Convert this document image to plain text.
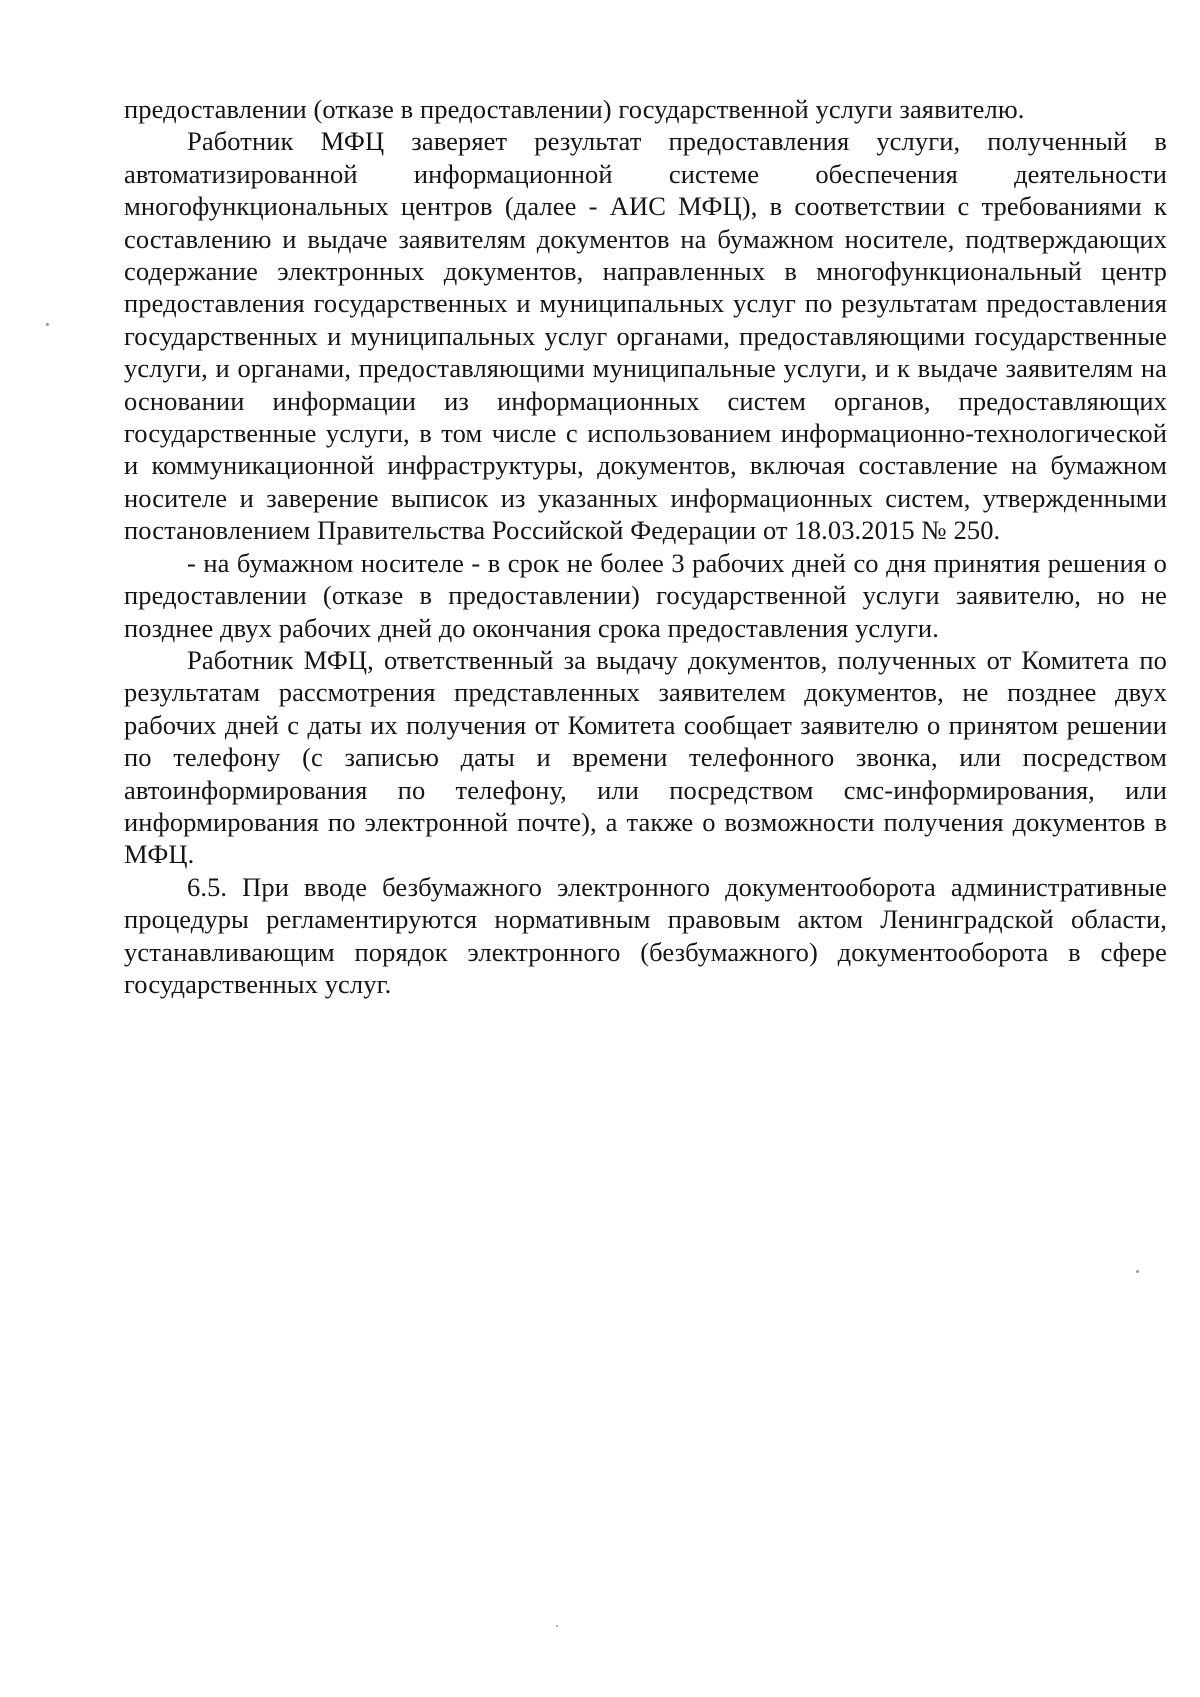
предоставлении (отказе в предоставлении) государственной услуги заявителю.

Работник МФЦ заверяет результат предоставления услуги, полученный в автоматизированной информационной системе обеспечения деятельности многофункциональных центров (далее - АИС МФЦ), в соответствии с требованиями к составлению и выдаче заявителям документов на бумажном носителе, подтверждающих содержание электронных документов, направленных в многофункциональный центр предоставления государственных и муниципальных услуг по результатам предоставления государственных и муниципальных услуг органами, предоставляющими государственные услуги, и органами, предоставляющими муниципальные услуги, и к выдаче заявителям на основании информации из информационных систем органов, предоставляющих государственные услуги, в том числе с использованием информационно-технологической и коммуникационной инфраструктуры, документов, включая составление на бумажном носителе и заверение выписок из указанных информационных систем, утвержденными постановлением Правительства Российской Федерации от 18.03.2015 № 250.

- на бумажном носителе - в срок не более 3 рабочих дней со дня принятия решения о предоставлении (отказе в предоставлении) государственной услуги заявителю, но не позднее двух рабочих дней до окончания срока предоставления услуги.

Работник МФЦ, ответственный за выдачу документов, полученных от Комитета по результатам рассмотрения представленных заявителем документов, не позднее двух рабочих дней с даты их получения от Комитета сообщает заявителю о принятом решении по телефону (с записью даты и времени телефонного звонка, или посредством автоинформирования по телефону, или посредством смс-информирования, или информирования по электронной почте), а также о возможности получения документов в МФЦ.

6.5. При вводе безбумажного электронного документооборота административные процедуры регламентируются нормативным правовым актом Ленинградской области, устанавливающим порядок электронного (безбумажного) документооборота в сфере государственных услуг.
